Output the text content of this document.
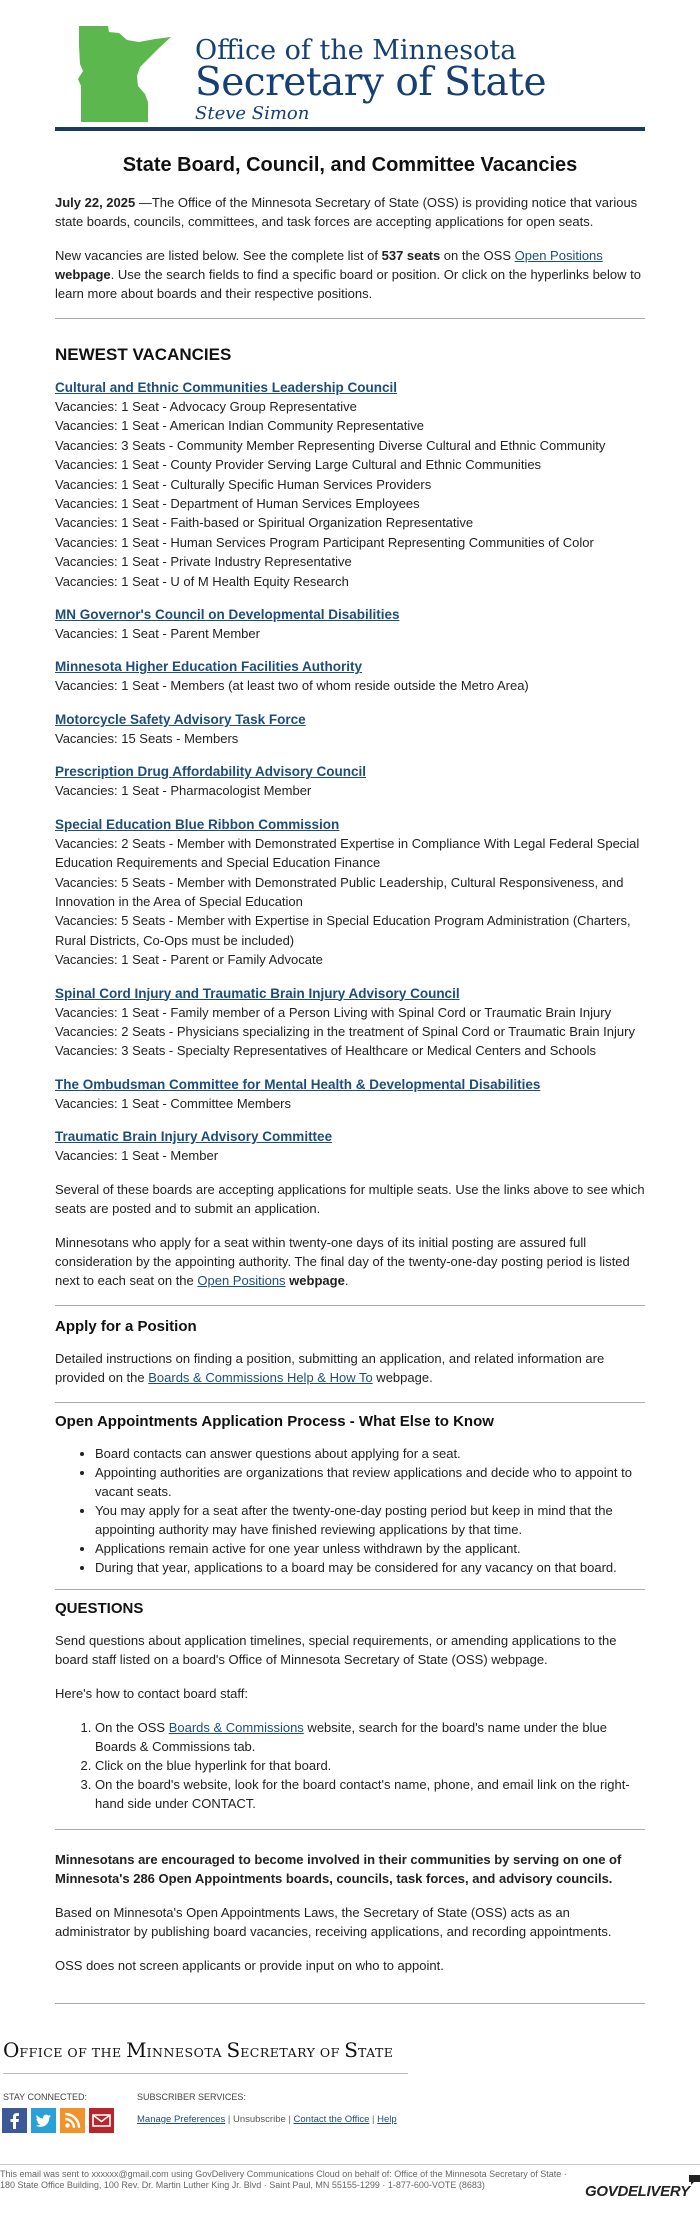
Office of the Minnesota
Secretary of State
Steve Simon
State Board, Council, and Committee Vacancies

July 22, 2025 —The Office of the Minnesota Secretary of State (OSS) is providing notice that various state boards, councils, committees, and task forces are accepting applications for open seats.

New vacancies are listed below. See the complete list of 537 seats on the OSS Open Positions webpage. Use the search fields to find a specific board or position. Or click on the hyperlinks below to learn more about boards and their respective positions.

NEWEST VACANCIES
Cultural and Ethnic Communities Leadership Council
Vacancies: 1 Seat - Advocacy Group Representative
Vacancies: 1 Seat - American Indian Community Representative
Vacancies: 3 Seats - Community Member Representing Diverse Cultural and Ethnic Community
Vacancies: 1 Seat - County Provider Serving Large Cultural and Ethnic Communities
Vacancies: 1 Seat - Culturally Specific Human Services Providers
Vacancies: 1 Seat - Department of Human Services Employees
Vacancies: 1 Seat - Faith-based or Spiritual Organization Representative
Vacancies: 1 Seat - Human Services Program Participant Representing Communities of Color
Vacancies: 1 Seat - Private Industry Representative
Vacancies: 1 Seat - U of M Health Equity Research
MN Governor's Council on Developmental Disabilities
Vacancies: 1 Seat - Parent Member
Minnesota Higher Education Facilities Authority
Vacancies: 1 Seat - Members (at least two of whom reside outside the Metro Area)
Motorcycle Safety Advisory Task Force
Vacancies: 15 Seats - Members
Prescription Drug Affordability Advisory Council
Vacancies: 1 Seat - Pharmacologist Member
Special Education Blue Ribbon Commission
Vacancies: 2 Seats - Member with Demonstrated Expertise in Compliance With Legal Federal Special Education Requirements and Special Education Finance
Vacancies: 5 Seats - Member with Demonstrated Public Leadership, Cultural Responsiveness, and Innovation in the Area of Special Education
Vacancies: 5 Seats - Member with Expertise in Special Education Program Administration (Charters, Rural Districts, Co-Ops must be included)
Vacancies: 1 Seat - Parent or Family Advocate
Spinal Cord Injury and Traumatic Brain Injury Advisory Council
Vacancies: 1 Seat - Family member of a Person Living with Spinal Cord or Traumatic Brain Injury
Vacancies: 2 Seats - Physicians specializing in the treatment of Spinal Cord or Traumatic Brain Injury
Vacancies: 3 Seats - Specialty Representatives of Healthcare or Medical Centers and Schools
The Ombudsman Committee for Mental Health & Developmental Disabilities
Vacancies: 1 Seat - Committee Members
Traumatic Brain Injury Advisory Committee
Vacancies: 1 Seat - Member

Several of these boards are accepting applications for multiple seats. Use the links above to see which seats are posted and to submit an application.

Minnesotans who apply for a seat within twenty-one days of its initial posting are assured full consideration by the appointing authority. The final day of the twenty-one-day posting period is listed next to each seat on the Open Positions webpage.

Apply for a Position

Detailed instructions on finding a position, submitting an application, and related information are provided on the Boards & Commissions Help & How To webpage.

Open Appointments Application Process - What Else to Know
• Board contacts can answer questions about applying for a seat.
• Appointing authorities are organizations that review applications and decide who to appoint to vacant seats.
• You may apply for a seat after the twenty-one-day posting period but keep in mind that the appointing authority may have finished reviewing applications by that time.
• Applications remain active for one year unless withdrawn by the applicant.
• During that year, applications to a board may be considered for any vacancy on that board.
QUESTIONS

Send questions about application timelines, special requirements, or amending applications to the board staff listed on a board's Office of Minnesota Secretary of State (OSS) webpage.

Here's how to contact board staff:

1. On the OSS Boards & Commissions website, search for the board's name under the blue Boards & Commissions tab.
2. Click on the blue hyperlink for that board.
3. On the board's website, look for the board contact's name, phone, and email link on the right-hand side under CONTACT.

Minnesotans are encouraged to become involved in their communities by serving on one of Minnesota's 286 Open Appointments boards, councils, task forces, and advisory councils.

Based on Minnesota's Open Appointments Laws, the Secretary of State (OSS) acts as an administrator by publishing board vacancies, receiving applications, and recording appointments.

OSS does not screen applicants or provide input on who to appoint.

OFFICE OF THE MINNESOTA SECRETARY OF STATE
STAY CONNECTED:	SUBSCRIBER SERVICES:
Manage Preferences | Unsubscribe | Contact the Office | Help
This email was sent to xxxxxx@gmail.com using GovDelivery Communications Cloud on behalf of: Office of the Minnesota Secretary of State · 180 State Office Building, 100 Rev. Dr. Martin Luther King Jr. Blvd · Saint Paul, MN 55155-1299 · 1-877-600-VOTE (8683)	GOVDELIVERY
